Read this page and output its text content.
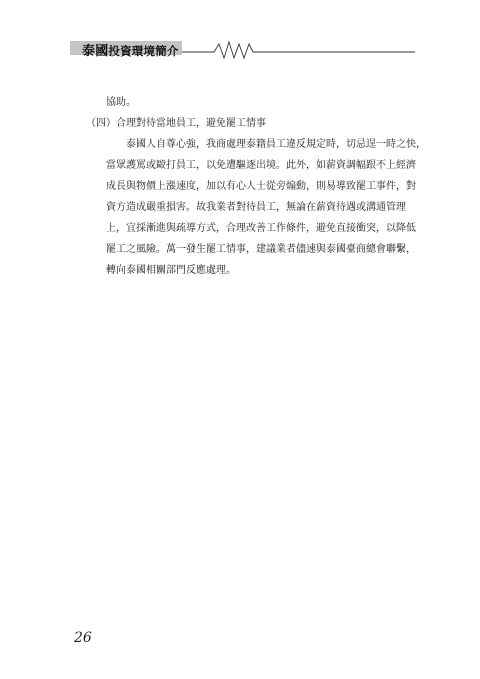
泰國投資環境簡介
協助。
（四）合理對待當地員工，避免罷工情事
泰國人自尊心強，我商處理泰籍員工違反規定時，切忌逞一時之快，
當眾護罵或毆打員工，以免遭驅逐出境。此外，如薪資調幅跟不上經濟
成長與物價上漲速度，加以有心人士從旁煽動，則易導致罷工事件，對
資方造成嚴重損害。故我業者對待員工，無論在薪資待遇或溝通管理
上，宜採漸進與疏導方式，合理改善工作條件，避免直接衝突，以降低
罷工之風險。萬一發生罷工情事，建議業者儘速與泰國臺商總會聯繫，
轉向泰國相關部門反應處理。
26
